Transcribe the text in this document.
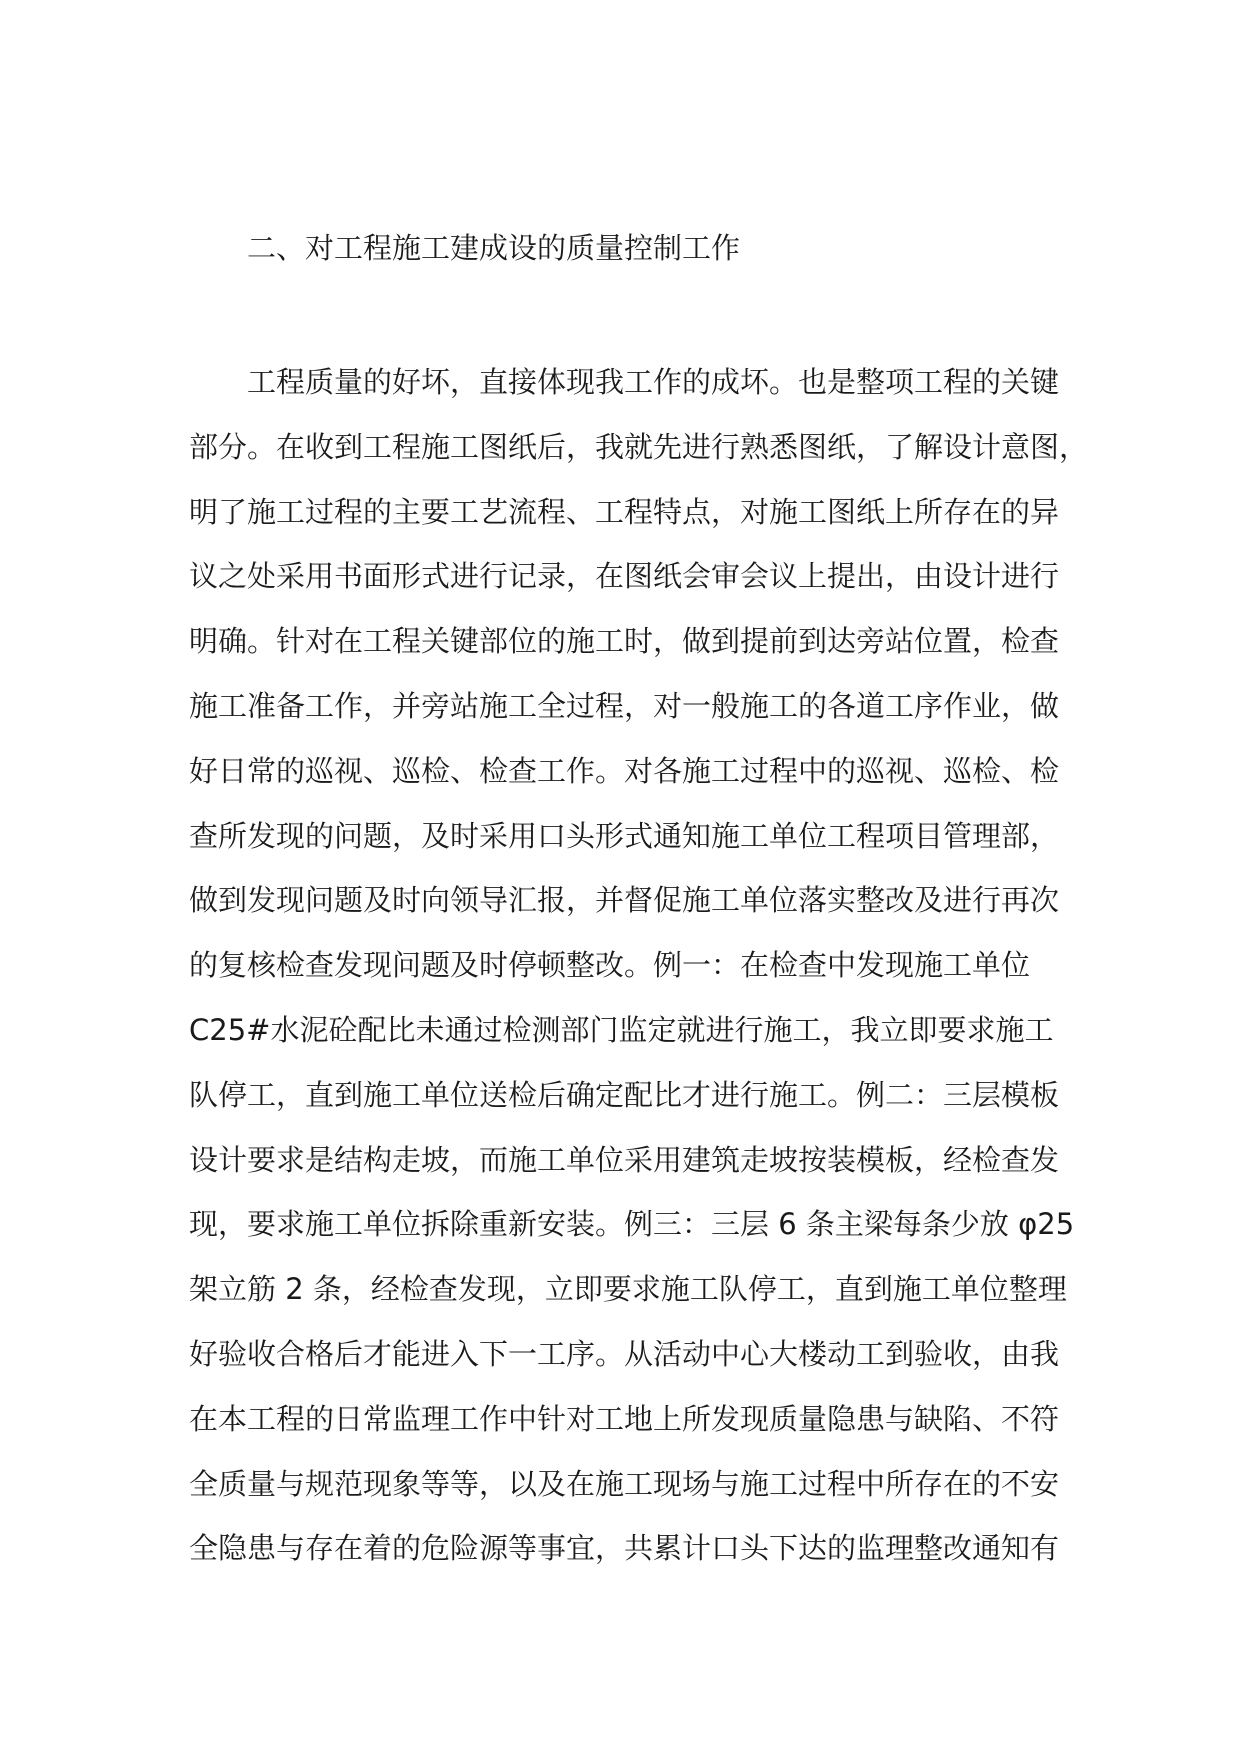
二、对工程施工建成设的质量控制工作
工程质量的好坏，直接体现我工作的成坏。也是整项工程的关键
部分。在收到工程施工图纸后，我就先进行熟悉图纸，了解设计意图，
明了施工过程的主要工艺流程、工程特点，对施工图纸上所存在的异
议之处采用书面形式进行记录，在图纸会审会议上提出，由设计进行
明确。针对在工程关键部位的施工时，做到提前到达旁站位置，检查
施工准备工作，并旁站施工全过程，对一般施工的各道工序作业，做
好日常的巡视、巡检、检查工作。对各施工过程中的巡视、巡检、检
查所发现的问题，及时采用口头形式通知施工单位工程项目管理部，
做到发现问题及时向领导汇报，并督促施工单位落实整改及进行再次
的复核检查发现问题及时停顿整改。例一：在检查中发现施工单位
C25#水泥砼配比未通过检测部门监定就进行施工，我立即要求施工
队停工，直到施工单位送检后确定配比才进行施工。例二：三层模板
设计要求是结构走坡，而施工单位采用建筑走坡按装模板，经检查发
现，要求施工单位拆除重新安装。例三：三层 6 条主梁每条少放 φ25
架立筋 2 条，经检查发现，立即要求施工队停工，直到施工单位整理
好验收合格后才能进入下一工序。从活动中心大楼动工到验收，由我
在本工程的日常监理工作中针对工地上所发现质量隐患与缺陷、不符
全质量与规范现象等等，以及在施工现场与施工过程中所存在的不安
全隐患与存在着的危险源等事宜，共累计口头下达的监理整改通知有
